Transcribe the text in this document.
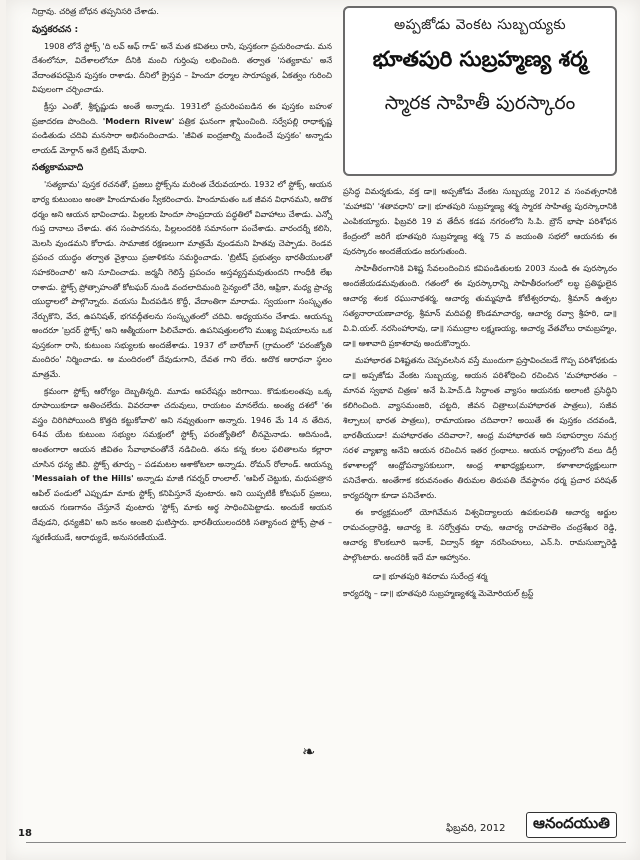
నిద్రావు. చరిత్ర బోధన తప్పనిసరి చేశాడు.

పుస్తకరచన :

1908 లోనే స్టోక్స్ 'ది లవ్ ఆఫ్ గాడ్' అనే మత కవితలు రాసి, పుస్తకంగా ప్రచురించాడు. మన దేశంలోనూ, విదేశాలలోనూ దీనికి మంచి గుర్తింపు లభించింది. తర్వాత 'సత్యకామ' అనే వేదాంతపరమైన పుస్తకం రాశాడు. దీనిలో క్రైస్తవ – హిందూ ధర్మాల సారూప్యత, ఏకత్వం గురించి విపులంగా చర్చించాడు.

క్రీస్తు ఎంతో, శ్రీకృష్ణుడు అంతే అన్నాడు. 1931లో ప్రచురింపబడిన ఈ పుస్తకం బహుళ ప్రజాదరణ పొందింది. 'Modern Rivew' పత్రిక ఘనంగా శ్లాఘించింది. సర్వేపల్లి రాధాకృష్ణ పండితుడు చదివి మనసారా అభినందించాడు. 'జీవిత ఐంద్రజాల్ని మండించే పుస్తకం' అన్నాడు లాయడ్ మోర్గాన్ అనే బ్రిటీష్ మేథావి.

సత్యకామవాది

'సత్యకామ' పుస్తక రచనతో, ప్రజలు స్టోక్స్‌ను మరింత చేరువయారు. 1932 లో స్టోక్స్, ఆయన భార్య కుటుంబం అంతా హిందూమతం స్వీకరించారు. హిందూమతం ఒక జీవన విధానమని, అదొక ధర్మం అని ఆయన భావించాడు. పిల్లలకు హిందూ సాంప్రదాయ పద్ధతిలో వివాహాలు చేశాడు. ఎన్నో గుప్త దానాలు చేశాడు. తన సంపాదనను, పిల్లలందరికి సమానంగా పంచేశాడు. వారందర్నీ కలిసి, మెలసి వుండమని కోరాడు. సామాజిక రక్షణలుగా మాత్రమే వుండమని హితవు చెప్పాడు. రెండవ ప్రపంచ యుద్ధం తర్వాత వైశ్రాయి ప్రజాళికను సమర్థించాడు. 'బ్రిటీష్ ప్రభుత్వం భారతీయులతో సహకరించాలి' అని సూచించాడు. జర్మనీ గెలిస్తే ప్రపంచం అస్తవ్యస్తమవుతుందని గాంధీకి లేఖ రాశాడు. స్టోక్స్ ప్రోత్సాహంతో కోటఘర్ నుండి వందలాదిమంది సైన్యంలో చేరి, ఆఫ్రికా, మధ్య ప్రాచ్య యుద్ధాలలో పాల్గొన్నారు. వయసు మీదపడిన కొద్దీ, వేదాంతిగా మారాడు. స్వయంగా సంస్కృతం నేర్చుకొని, వేద, ఉపనిషత్, భగవద్గీతలను సంస్కృతంలో చదివి. అధ్యయనం చేశాడు. ఆయన్ను అందరూ 'బ్రదర్ స్టోక్స్' అని ఆత్మీయంగా పిలిచేవారు. ఉపనిషత్తులలోని ముఖ్య విషయాలను ఒక పుస్తకంగా రాసి, కుటుంబ సభ్యులకు అందజేశాడు. 1937 లో బారోబాగ్ (గ్రామంలో 'పరంజ్యోతి మందిరం' నిర్మించాడు. ఆ మందిరంలో దేవుడుగాని, దేవత గాని లేరు. అదొక ఆరాధనా స్థలం మాత్రమే.

క్రమంగా స్టోక్స్ ఆరోగ్యం దెబ్బతిన్నది. మూడు ఆపరేషన్లు జరిగాయి. కొడుకులంతపు ఒక్క రూపాయికూడా అతించలేదు. వివరదాశా చదువులు, రాయటం మానలేదు. అంత్య దశలో 'ఈ వస్త్రం చిరిగిపోయింది కొత్తది కట్టుకోవాలి' అని నవ్వుతుంగా అన్నారు. 1946 మే 14 న తేదిన, 64వ యేట కుటుంబ సభ్యుల సమక్షంలో స్టోక్స్ పరంజ్యోతిలో లీనమైనాడు. ఆదినుండి, అంతంగారా ఆయన జీవితం సేవాభావంతోనే నడిచింది. తను కన్న కలల ఫలితాలను కల్లారా చూసిన ధన్య జీవి. స్టోక్స్ తూర్పు – పడమటల ఆశాకోటలా అన్నాడు. రోమన్ రోలాండ్. ఆయన్ను 'Messaiah of the Hills' అన్నాడు మాజీ గవర్నర్ రాంలాల్. 'ఆపిల్ చెట్టుకు, మధుపత్రాన ఆపిల్ పండులో ఎప్పుడూ మాకు స్టోక్స్ కనిపిస్తూనే వుంటారు. అని యిప్పటికీ కోటఘర్ ప్రజలు, ఆయన గుణగానం చేస్తూనే వుంటారు 'స్టోక్స్ మాకు ఆర్థ సాధించిపెట్టాడు. అందుకే ఆయన దేవుడని, ధన్యజీవి' అని జనం అంజలి ఘటిస్తారు. భారతీయులందరికి సత్యానంద స్టోక్స్ ప్రాత – స్మరణీయుడే, ఆరాధ్యుడే, అనుసరణీయుడే.

అప్పజోడు వెంకట సుబ్బయ్యకు
భూతపురి సుబ్రహ్మణ్య శర్మ
స్మారక సాహితీ పురస్కారం

ప్రసిద్ధ విమర్శకుడు, వక్త డా॥ అప్పజోడు వేంకట సుబ్బయ్య 2012 వ సంవత్సరానికి 'మహాకవి' 'శతావధాని' డా॥ భూతపురి సుబ్రహ్మణ్య శర్మ స్మారక సాహిత్య పురస్కారానికి ఎంపికయ్యారు. ఫిబ్రవరి 19 వ తేదీన కడప నగరంలోని సి.పి. బ్రౌన్ భాషా పరిశోధన కేంద్రంలో జరిగే భూతపురి సుబ్రహ్మణ్య శర్మ 75 వ జయంతి సభలో ఆయనకు ఈ పురస్కారం అందజేయడం జరుగుతుంది.

సాహితీరంగానికి విశిష్ట సేవలందించిన కవిపండితులకు 2003 నుండి ఈ పురస్కారం అందజేయడమవుతుంది. గతంలో ఈ పురస్కారాన్ని సాహితీరంగంలో లబ్ధ ప్రతిష్ఠులైన ఆచార్య శలక రఘునాథశర్మ, ఆచార్య తుమ్మపూడి కోటీశ్వరరావు, శ్రీమాన్ ఉత్పల సత్యనారాయణాచార్య, శ్రీమాన్ మదిపల్లి కొండమాచార్య, ఆచార్య రవ్వా శ్రీహరి, డా॥ వి.వి.యల్. నరసింహారావు, డా॥ సముద్రాల లక్ష్మణయ్య, ఆచార్య వేతవోలు రామబ్రహ్మం, డా॥ ఆశావాది ప్రకాశరావు అందుకొన్నారు.

మహాభారత విశిష్టతను చెప్పవలసిన వస్తే ముందుగా ప్రస్తావించబడే గొప్ప పరిశోధకుడు డా॥ అప్పజోడు వేంకట సుబ్బయ్య, ఆయన పరిశోధించి రచించిన 'మహాభారతం – మానవ స్వభావ చిత్రణ' అనే పి.హెచ్.డి సిద్ధాంత వ్యాసం ఆయనకు అలాంటి ప్రసిద్ధిని కలిగించింది. వ్యాసమంజరి, చట్టది, జీవన చిత్రాలు(మహాభారత పాత్రలు), సజీవ శిల్పాలు( భారత పాత్రలు), రామాయణం చదివారా? అయితే ఈ పుస్తకం చదవండి, భారతీయుడా! మహాభారతం చదివారా?, ఆంధ్ర మహాభారత ఆది సభాపర్వాల సమగ్ర సరళ వ్యాఖ్యా అనేవి ఆయన రచించిన ఇతర గ్రంథాలు. ఆయన రాష్ట్రంలోని వలు డిగ్రీ కళాశాలల్లో ఆంధ్రోపన్యాసకులుగా, ఆంధ్ర శాఖాధ్యక్షులుగా, కళాశాలాధ్యక్షులుగా పనిచేశారు. అంతేగాక కరువనంతం తిరుమల తిరుపతి దేవస్థానం ధర్మ ప్రచార పరిషత్ కార్యదర్శిగా కూడా పనిచేశారు.

ఈ కార్యక్రమంలో యోగివేమన విశ్వవిద్యాలయ ఉపకులపతి ఆచార్య అర్జుల రామచంద్రారెడ్డి, ఆచార్య కె. సర్వోత్తమ రావు, ఆచార్య రాచపాలెం చంద్రశేఖర రెడ్డి, ఆచార్య కొలకలూరి ఇనాక్, విద్వాన్ కట్టా నరసింహులు, ఎన్.సి. రామసుబ్బారెడ్డి పాల్గొంటారు. అందరికీ ఇదే మా ఆహ్వానం.

డా॥ భూతపురి శివరామ సురేంద్ర శర్మ

కార్యదర్శి – డా॥ భూతపురి సుబ్రహ్మణ్యశర్మ మెమోరియల్ ట్రస్ట్

❧
18	ఫిబ్రవరి, 2012	ఆనందయుతి
